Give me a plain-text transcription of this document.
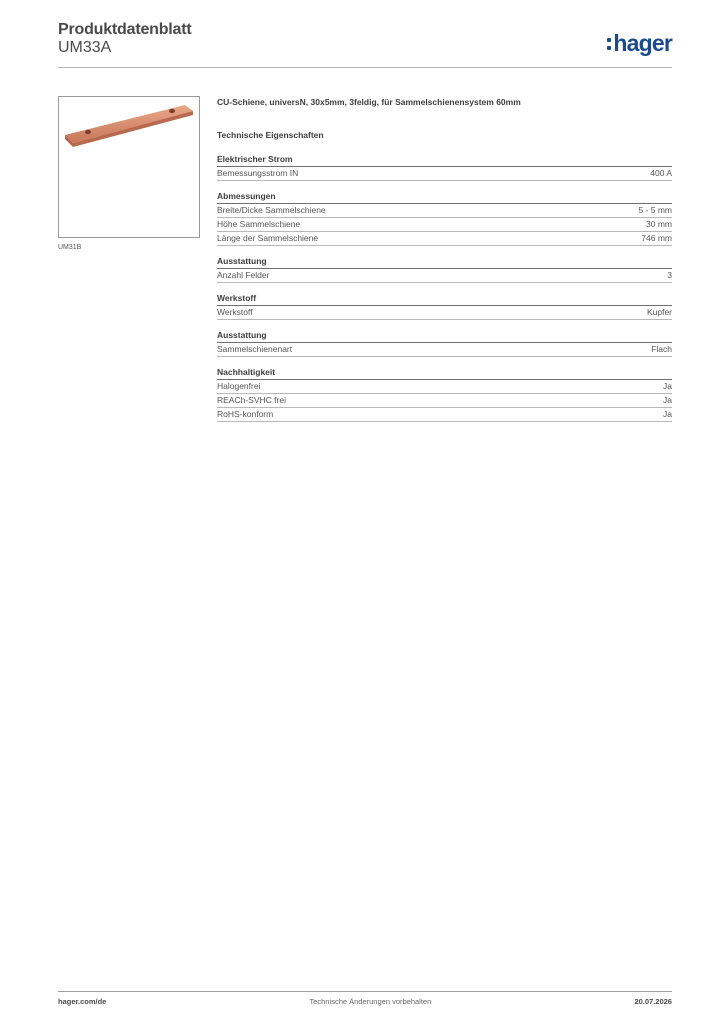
Produktdatenblatt
UM33A	hager
UM31B
CU-Schiene, universN, 30x5mm, 3feldig, für Sammelschienensystem 60mm
Technische Eigenschaften
Elektrischer Strom
Bemessungsstrom IN	400 A
Abmessungen
Breite/Dicke Sammelschiene	5 - 5 mm
Höhe Sammelschiene	30 mm
Länge der Sammelschiene	746 mm
Ausstattung
Anzahl Felder	3
Werkstoff
Werkstoff	Kupfer
Ausstattung
Sammelschienenart	Flach
Nachhaltigkeit
Halogenfrei	Ja
REACh-SVHC frei	Ja
RoHS-konform	Ja
hager.com/de	Technische Änderungen vorbehalten	20.07.2026
